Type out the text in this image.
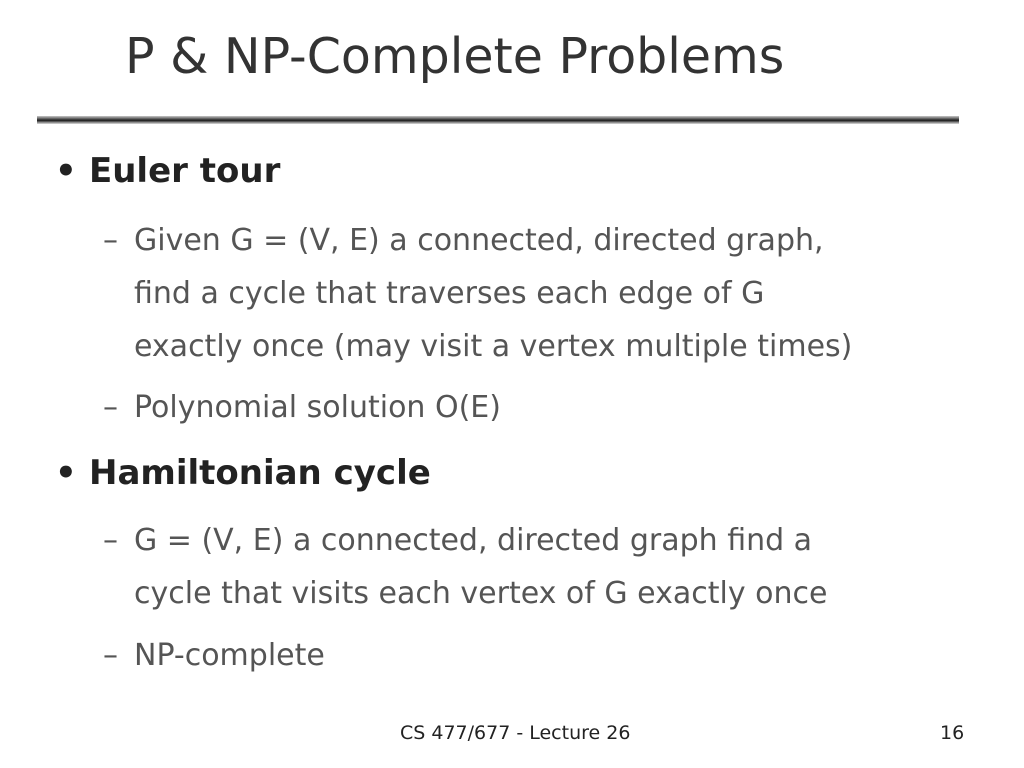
P & NP-Complete Problems
• Euler tour
– Given G = (V, E) a connected, directed graph,
find a cycle that traverses each edge of G
exactly once (may visit a vertex multiple times)
– Polynomial solution O(E)
• Hamiltonian cycle
– G = (V, E) a connected, directed graph find a
cycle that visits each vertex of G exactly once
– NP-complete
CS 477/677 - Lecture 26	16
